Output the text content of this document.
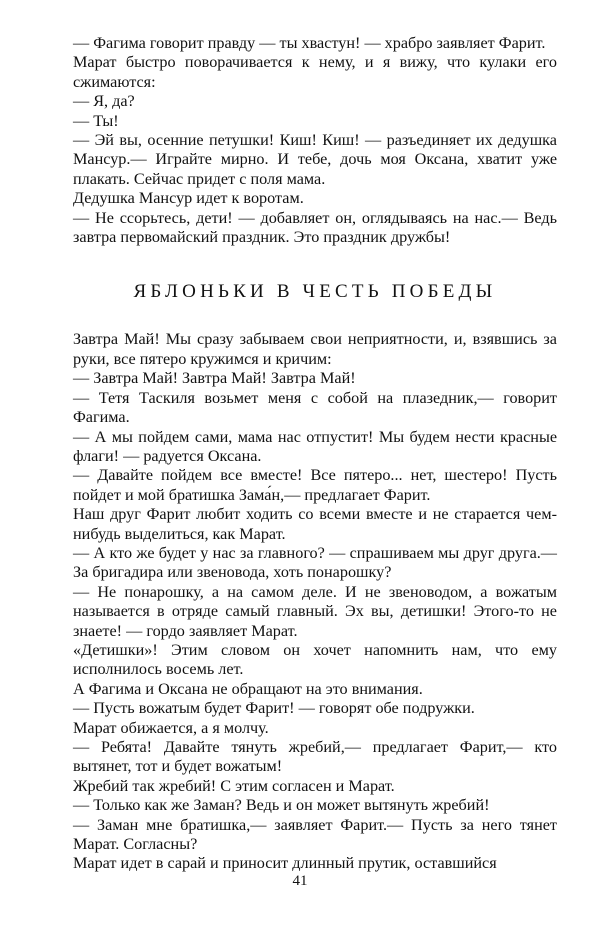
— Фагима говорит правду — ты хвастун! — храбро заявляет Фарит.

Марат быстро поворачивается к нему, и я вижу, что кулаки его сжимаются:

— Я, да?

— Ты!

— Эй вы, осенние петушки! Киш! Киш! — разъединяет их дедушка Мансур.— Играйте мирно. И тебе, дочь моя Оксана, хватит уже плакать. Сейчас придет с поля мама.

Дедушка Мансур идет к воротам.

— Не ссорьтесь, дети! — добавляет он, оглядываясь на нас.— Ведь завтра первомайский праздник. Это праздник дружбы!

ЯБЛОНЬКИ В ЧЕСТЬ ПОБЕДЫ

Завтра Май! Мы сразу забываем свои неприятности, и, взявшись за руки, все пятеро кружимся и кричим:

— Завтра Май! Завтра Май! Завтра Май!

— Тетя Таскиля возьмет меня с собой на плазедник,— говорит Фагима.

— А мы пойдем сами, мама нас отпустит! Мы будем нести красные флаги! — радуется Оксана.

— Давайте пойдем все вместе! Все пятеро... нет, шестеро! Пусть пойдет и мой братишка Зама́н,— предлагает Фарит.

Наш друг Фарит любит ходить со всеми вместе и не старается чем-нибудь выделиться, как Марат.

— А кто же будет у нас за главного? — спрашиваем мы друг друга.— За бригадира или звеновода, хоть понарошку?

— Не понарошку, а на самом деле. И не звеноводом, а вожатым называется в отряде самый главный. Эх вы, детишки! Этого-то не знаете! — гордо заявляет Марат.

«Детишки»! Этим словом он хочет напомнить нам, что ему исполнилось восемь лет.

А Фагима и Оксана не обращают на это внимания.

— Пусть вожатым будет Фарит! — говорят обе подружки.

Марат обижается, а я молчу.

— Ребята! Давайте тянуть жребий,— предлагает Фарит,— кто вытянет, тот и будет вожатым!

Жребий так жребий! С этим согласен и Марат.

— Только как же Заман? Ведь и он может вытянуть жребий!

— Заман мне братишка,— заявляет Фарит.— Пусть за него тянет Марат. Согласны?

Марат идет в сарай и приносит длинный прутик, оставшийся

41
